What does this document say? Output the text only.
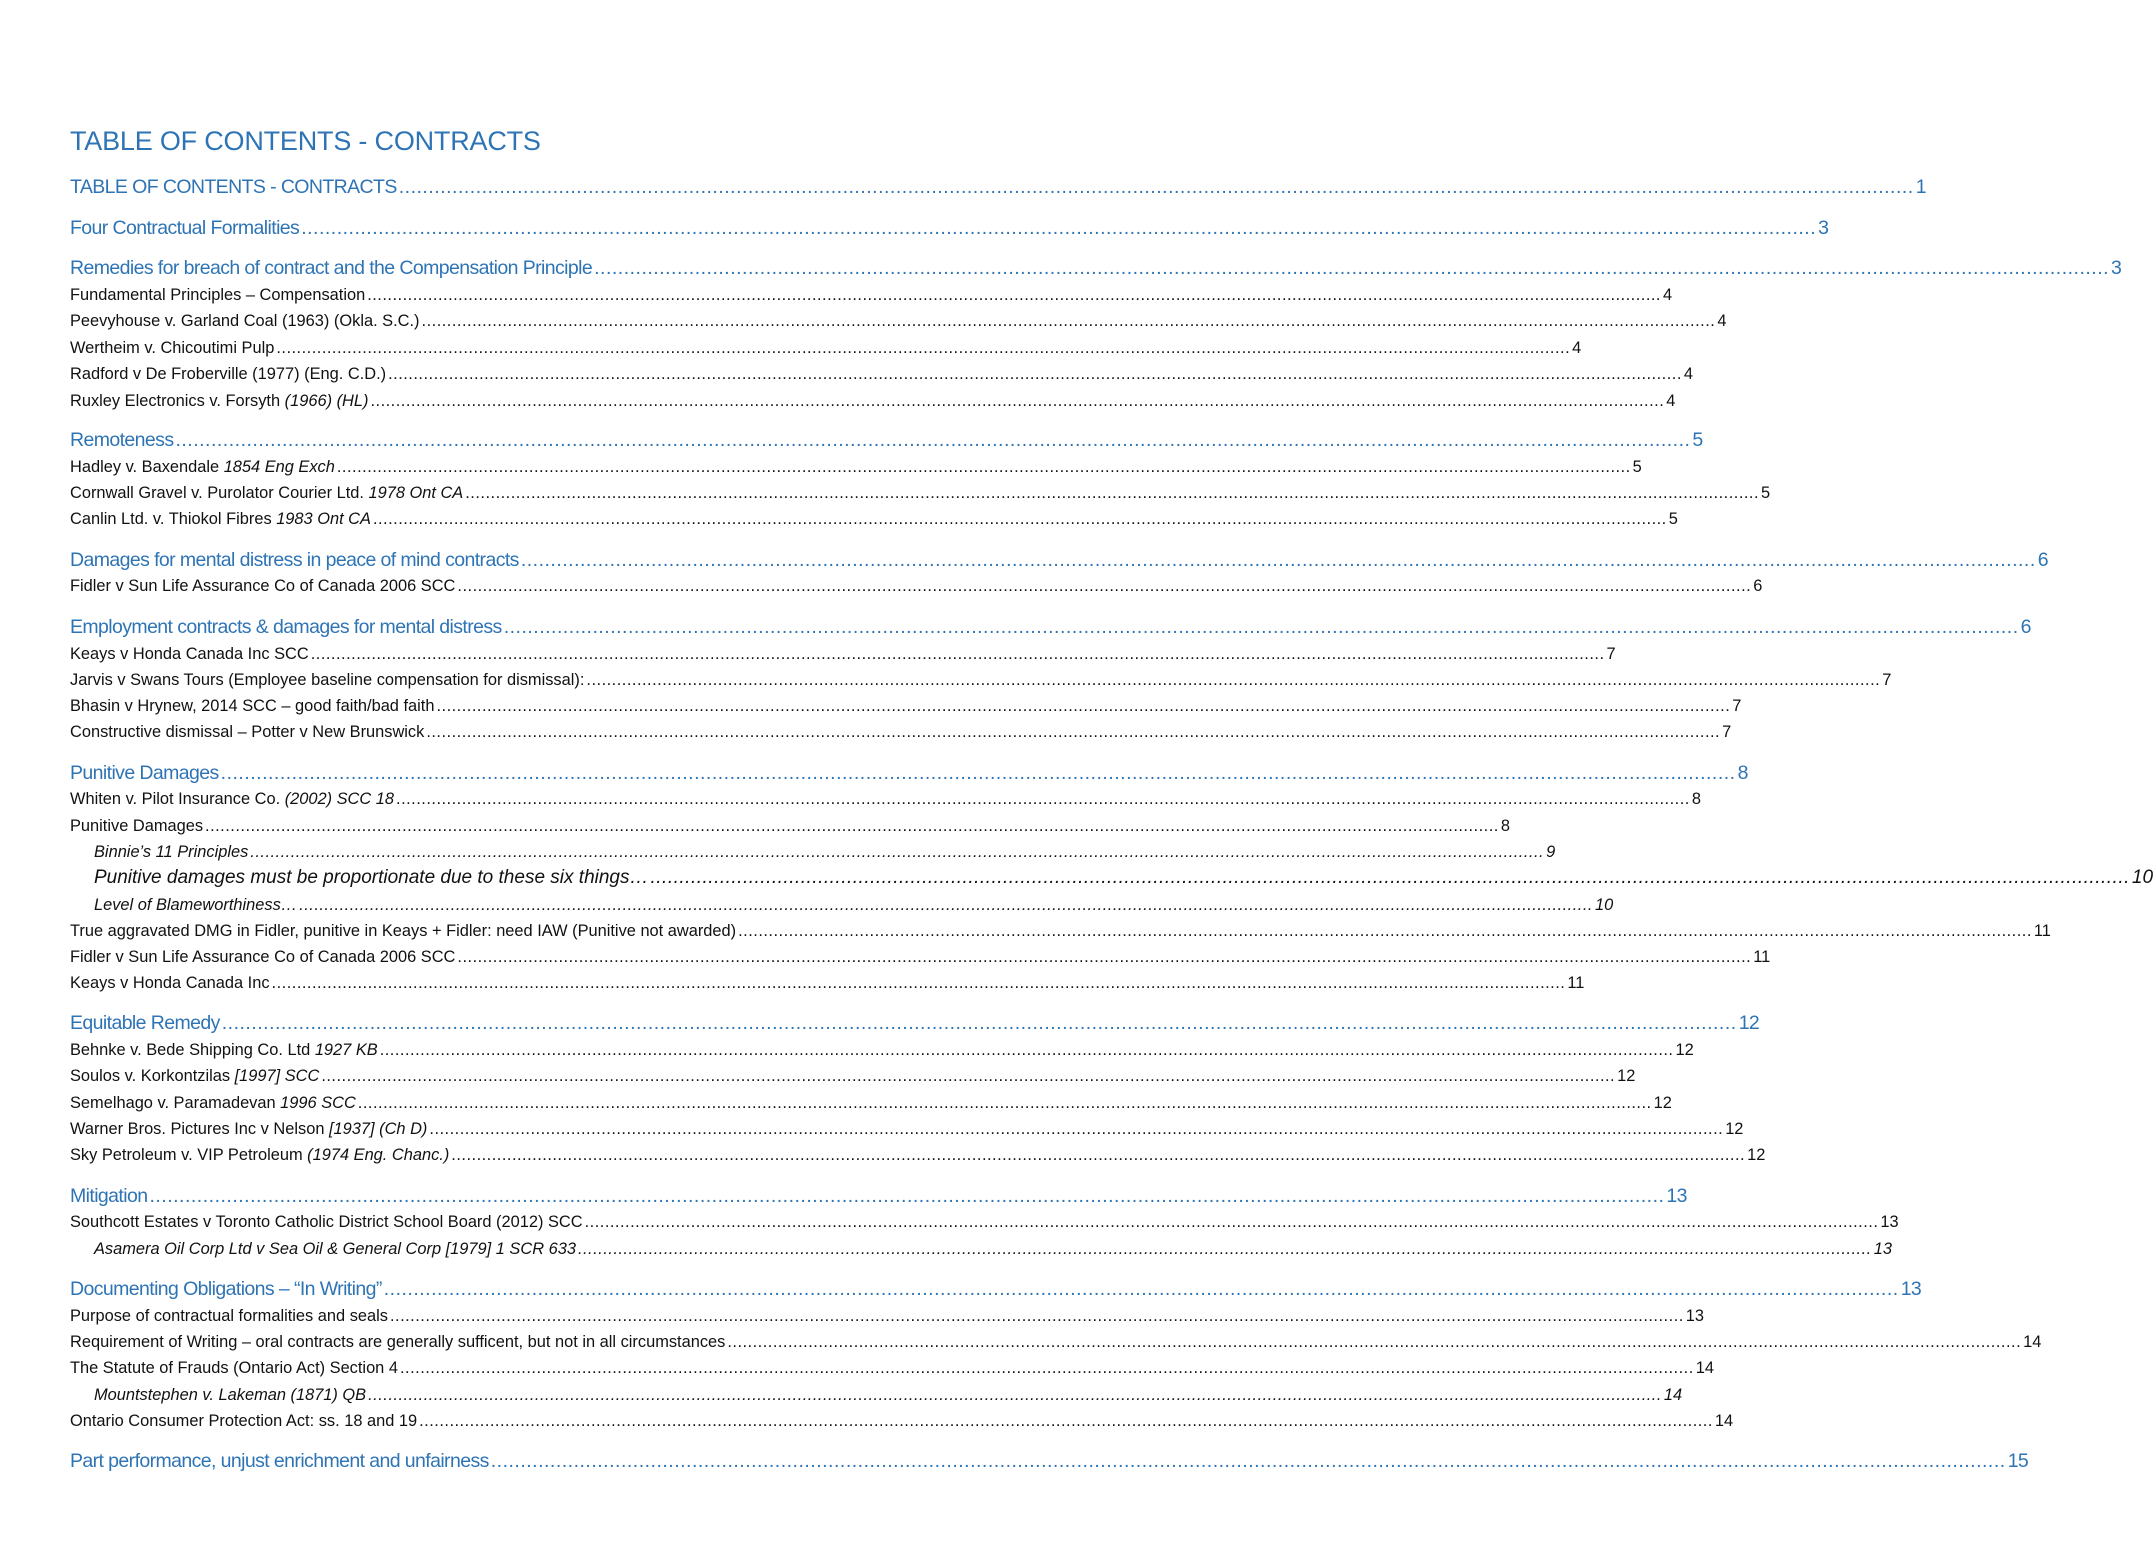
TABLE OF CONTENTS - CONTRACTS
TABLE OF CONTENTS - CONTRACTS ................................................................................................................................................................................................................................................................ 1
Four Contractual Formalities ................................................................................................................................................................................................................................................................ 3
Remedies for breach of contract and the Compensation Principle ................................................................................................................................................................................................................................................................ 3
Fundamental Principles – Compensation ................................................................................................................................................................................................................................................................ 4
Peevyhouse v. Garland Coal (1963) (Okla. S.C.) ................................................................................................................................................................................................................................................................ 4
Wertheim v. Chicoutimi Pulp ................................................................................................................................................................................................................................................................ 4
Radford v De Froberville (1977) (Eng. C.D.) ................................................................................................................................................................................................................................................................ 4
Ruxley Electronics v. Forsyth (1966) (HL) ................................................................................................................................................................................................................................................................ 4
Remoteness ................................................................................................................................................................................................................................................................ 5
Hadley v. Baxendale 1854 Eng Exch ................................................................................................................................................................................................................................................................ 5
Cornwall Gravel v. Purolator Courier Ltd. 1978 Ont CA ................................................................................................................................................................................................................................................................ 5
Canlin Ltd. v. Thiokol Fibres 1983 Ont CA ................................................................................................................................................................................................................................................................ 5
Damages for mental distress in peace of mind contracts ................................................................................................................................................................................................................................................................ 6
Fidler v Sun Life Assurance Co of Canada 2006 SCC ................................................................................................................................................................................................................................................................ 6
Employment contracts & damages for mental distress ................................................................................................................................................................................................................................................................ 6
Keays v Honda Canada Inc SCC ................................................................................................................................................................................................................................................................ 7
Jarvis v Swans Tours (Employee baseline compensation for dismissal): ................................................................................................................................................................................................................................................................ 7
Bhasin v Hrynew, 2014 SCC – good faith/bad faith ................................................................................................................................................................................................................................................................ 7
Constructive dismissal – Potter v New Brunswick ................................................................................................................................................................................................................................................................ 7
Punitive Damages ................................................................................................................................................................................................................................................................ 8
Whiten v. Pilot Insurance Co. (2002) SCC 18 ................................................................................................................................................................................................................................................................ 8
Punitive Damages ................................................................................................................................................................................................................................................................ 8
Binnie’s 11 Principles ................................................................................................................................................................................................................................................................ 9
Punitive damages must be proportionate due to these six things… ................................................................................................................................................................................................................................................................ 10
Level of Blameworthiness… ................................................................................................................................................................................................................................................................ 10
True aggravated DMG in Fidler, punitive in Keays + Fidler: need IAW (Punitive not awarded) ................................................................................................................................................................................................................................................................ 11
Fidler v Sun Life Assurance Co of Canada 2006 SCC ................................................................................................................................................................................................................................................................ 11
Keays v Honda Canada Inc ................................................................................................................................................................................................................................................................ 11
Equitable Remedy ................................................................................................................................................................................................................................................................ 12
Behnke v. Bede Shipping Co. Ltd 1927 KB ................................................................................................................................................................................................................................................................ 12
Soulos v. Korkontzilas [1997] SCC ................................................................................................................................................................................................................................................................ 12
Semelhago v. Paramadevan 1996 SCC ................................................................................................................................................................................................................................................................ 12
Warner Bros. Pictures Inc v Nelson [1937] (Ch D) ................................................................................................................................................................................................................................................................ 12
Sky Petroleum v. VIP Petroleum (1974 Eng. Chanc.) ................................................................................................................................................................................................................................................................ 12
Mitigation ................................................................................................................................................................................................................................................................ 13
Southcott Estates v Toronto Catholic District School Board (2012) SCC ................................................................................................................................................................................................................................................................ 13
Asamera Oil Corp Ltd v Sea Oil & General Corp [1979] 1 SCR 633 ................................................................................................................................................................................................................................................................ 13
Documenting Obligations – “In Writing” ................................................................................................................................................................................................................................................................ 13
Purpose of contractual formalities and seals ................................................................................................................................................................................................................................................................ 13
Requirement of Writing – oral contracts are generally sufficent, but not in all circumstances ................................................................................................................................................................................................................................................................ 14
The Statute of Frauds (Ontario Act) Section 4 ................................................................................................................................................................................................................................................................ 14
Mountstephen v. Lakeman (1871) QB ................................................................................................................................................................................................................................................................ 14
Ontario Consumer Protection Act: ss. 18 and 19 ................................................................................................................................................................................................................................................................ 14
Part performance, unjust enrichment and unfairness ................................................................................................................................................................................................................................................................ 15
